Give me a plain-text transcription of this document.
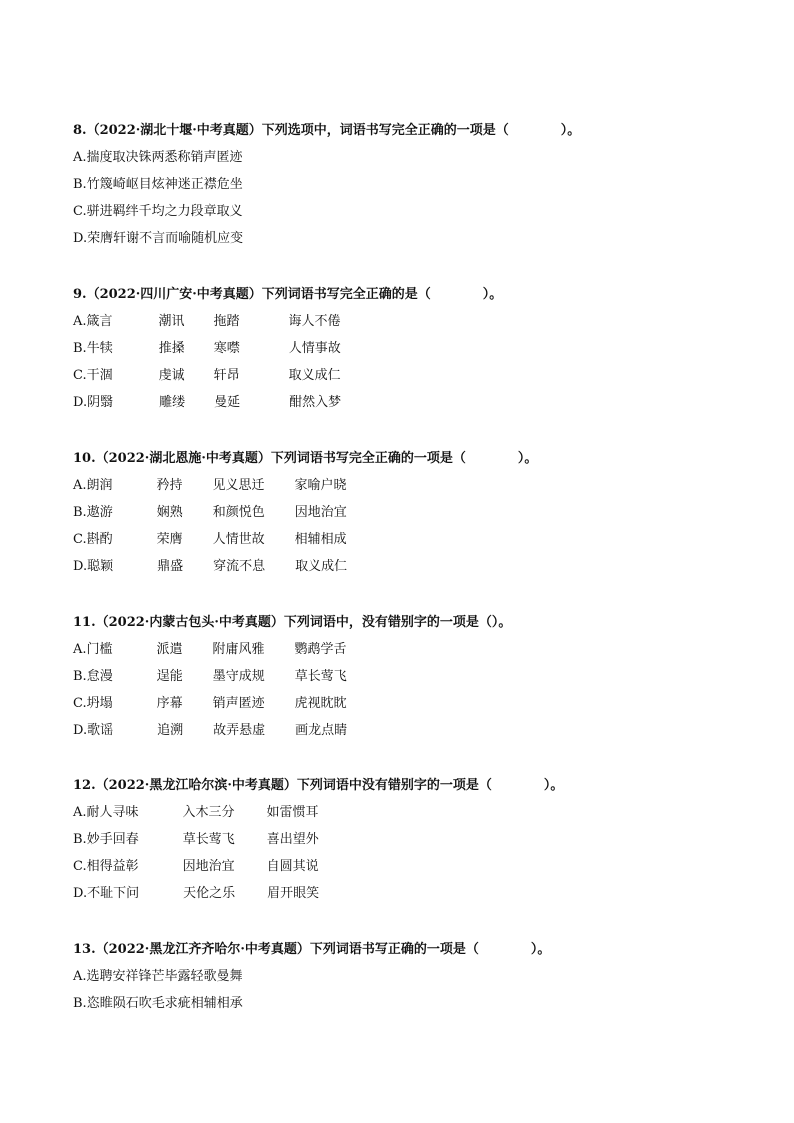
8.（2022·湖北十堰·中考真题）下列选项中，词语书写完全正确的一项是（　　　　）。
A.揣度取决铢两悉称销声匿迹
B.竹篾崎岖目炫神迷正襟危坐
C.骈进羁绊千均之力段章取义
D.荣膺轩谢不言而喻随机应变
9.（2022·四川广安·中考真题）下列词语书写完全正确的是（　　　　）。
A.箴言	潮讯 拖踏	诲人不倦
B.牛犊	推搡 寒噤	人情事故
C.干涸	虔诚 轩昂	取义成仁
D.阴翳	雕缕 曼延	酣然入梦
10.（2022·湖北恩施·中考真题）下列词语书写完全正确的一项是（　　　　）。
A.朗润	矜持 见义思迁 家喻户晓
B.遨游	娴熟 和颜悦色 因地治宜
C.斟酌	荣膺 人情世故 相辅相成
D.聪颖	鼎盛 穿流不息 取义成仁
11.（2022·内蒙古包头·中考真题）下列词语中，没有错别字的一项是（）。
A.门槛	派遣 附庸风雅 鹦鹉学舌
B.怠漫	逞能 墨守成规 草长莺飞
C.坍塌	序幕 销声匿迹 虎视眈眈
D.歌谣	追溯 故弄悬虚 画龙点睛
12.（2022·黑龙江哈尔滨·中考真题）下列词语中没有错别字的一项是（　　　　）。
A.耐人寻味	入木三分 如雷惯耳
B.妙手回春	草长莺飞 喜出望外
C.相得益彰	因地治宜 自圆其说
D.不耻下问	天伦之乐 眉开眼笑
13.（2022·黑龙江齐齐哈尔·中考真题）下列词语书写正确的一项是（　　　　）。
A.选聘安祥锋芒毕露轻歌曼舞
B.恣睢陨石吹毛求疵相辅相承
